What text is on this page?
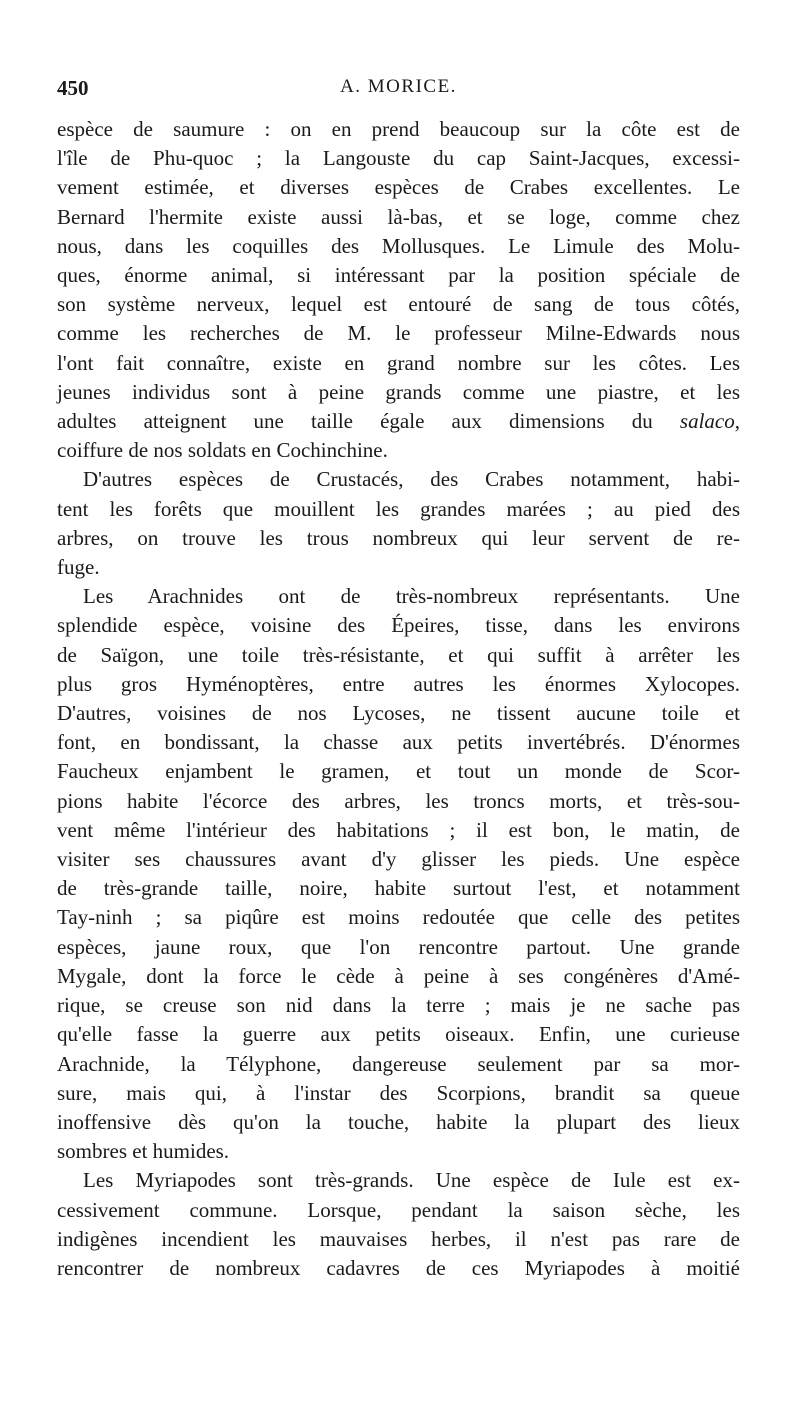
450	A. MORICE.
espèce de saumure : on en prend beaucoup sur la côte est de
l'île de Phu-quoc ; la Langouste du cap Saint-Jacques, excessi-
vement estimée, et diverses espèces de Crabes excellentes. Le
Bernard l'hermite existe aussi là-bas, et se loge, comme chez
nous, dans les coquilles des Mollusques. Le Limule des Molu-
ques, énorme animal, si intéressant par la position spéciale de
son système nerveux, lequel est entouré de sang de tous côtés,
comme les recherches de M. le professeur Milne-Edwards nous
l'ont fait connaître, existe en grand nombre sur les côtes. Les
jeunes individus sont à peine grands comme une piastre, et les
adultes atteignent une taille égale aux dimensions du salaco,
coiffure de nos soldats en Cochinchine.
D'autres espèces de Crustacés, des Crabes notamment, habi-
tent les forêts que mouillent les grandes marées ; au pied des
arbres, on trouve les trous nombreux qui leur servent de re-
fuge.
Les Arachnides ont de très-nombreux représentants. Une
splendide espèce, voisine des Épeires, tisse, dans les environs
de Saïgon, une toile très-résistante, et qui suffit à arrêter les
plus gros Hyménoptères, entre autres les énormes Xylocopes.
D'autres, voisines de nos Lycoses, ne tissent aucune toile et
font, en bondissant, la chasse aux petits invertébrés. D'énormes
Faucheux enjambent le gramen, et tout un monde de Scor-
pions habite l'écorce des arbres, les troncs morts, et très-sou-
vent même l'intérieur des habitations ; il est bon, le matin, de
visiter ses chaussures avant d'y glisser les pieds. Une espèce
de très-grande taille, noire, habite surtout l'est, et notamment
Tay-ninh ; sa piqûre est moins redoutée que celle des petites
espèces, jaune roux, que l'on rencontre partout. Une grande
Mygale, dont la force le cède à peine à ses congénères d'Amé-
rique, se creuse son nid dans la terre ; mais je ne sache pas
qu'elle fasse la guerre aux petits oiseaux. Enfin, une curieuse
Arachnide, la Télyphone, dangereuse seulement par sa mor-
sure, mais qui, à l'instar des Scorpions, brandit sa queue
inoffensive dès qu'on la touche, habite la plupart des lieux
sombres et humides.
Les Myriapodes sont très-grands. Une espèce de Iule est ex-
cessivement commune. Lorsque, pendant la saison sèche, les
indigènes incendient les mauvaises herbes, il n'est pas rare de
rencontrer de nombreux cadavres de ces Myriapodes à moitié
